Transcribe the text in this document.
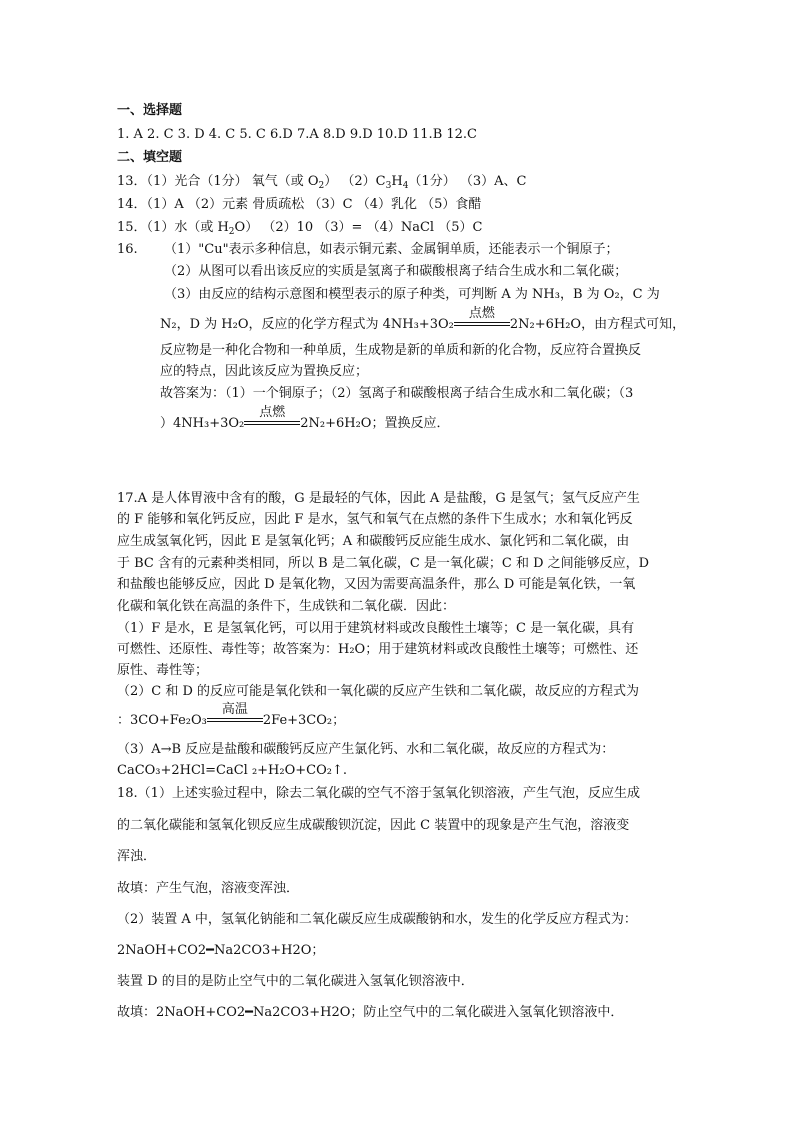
一、选择题
1. A 2. C 3. D 4. C 5. C 6.D 7.A 8.D 9.D 10.D 11.B 12.C
二、填空题
13．（1）光合（1分） 氧气（或 $O_2$） $(2)C_3H_4(1$分） （3）A、C
14．（1）A （2）元素 骨质疏松 （3）C （4）乳化 （5）食醋
15．（1）水（或 $H_2O$） （2）10 （3）= （4）NaCl （5）C
16. （1）"Cu"表示多种信息，如表示铜元素、金属铜单质，还能表示一个铜原子；
（2）从图可以看出该反应的实质是氢离子和碳酸根离子结合生成水和二氧化碳；
（3）由反应的结构示意图和模型表示的原子种类，可判断 A 为 NH₃，B 为 O₂，C 为
N₂，D 为 H₂O，反应的化学方程式为 4NH₃+3O₂
点燃
2N₂+6H₂O，由方程式可知，
反应物是一种化合物和一种单质，生成物是新的单质和新的化合物，反应符合置换反
应的特点，因此该反应为置换反应；
故答案为：（1）一个铜原子；（2）氢离子和碳酸根离子结合生成水和二氧化碳；（3
）4NH₃+3O₂
点燃
2N₂+6H₂O；置换反应．
17.A 是人体胃液中含有的酸，G 是最轻的气体，因此 A 是盐酸，G 是氢气；氢气反应产生
的 F 能够和氧化钙反应，因此 F 是水，氢气和氧气在点燃的条件下生成水；水和氧化钙反
应生成氢氧化钙，因此 E 是氢氧化钙；A 和碳酸钙反应能生成水、氯化钙和二氧化碳，由
于 BC 含有的元素种类相同，所以 B 是二氧化碳，C 是一氧化碳；C 和 D 之间能够反应，D
和盐酸也能够反应，因此 D 是氧化物，又因为需要高温条件，那么 D 可能是氧化铁，一氧
化碳和氧化铁在高温的条件下，生成铁和二氧化碳．因此：
（1）F 是水，E 是氢氧化钙，可以用于建筑材料或改良酸性土壤等；C 是一氧化碳，具有
可燃性、还原性、毒性等；故答案为：H₂O；用于建筑材料或改良酸性土壤等；可燃性、还
原性、毒性等；
（2）C 和 D 的反应可能是氧化铁和一氧化碳的反应产生铁和二氧化碳，故反应的方程式为
：3CO+Fe₂O₃
高温
2Fe+3CO₂；
（3）A→B 反应是盐酸和碳酸钙反应产生氯化钙、水和二氧化碳，故反应的方程式为：
CaCO₃+2HCl=CaCl ₂+H₂O+CO₂↑.
18.（1）上述实验过程中，除去二氧化碳的空气不溶于氢氧化钡溶液，产生气泡，反应生成
的二氧化碳能和氢氧化钡反应生成碳酸钡沉淀，因此 C 装置中的现象是产生气泡，溶液变
浑浊．
故填：产生气泡，溶液变浑浊．
（2）装置 A 中，氢氧化钠能和二氧化碳反应生成碳酸钠和水，发生的化学反应方程式为：
2NaOH+CO2━Na2CO3+H2O；
装置 D 的目的是防止空气中的二氧化碳进入氢氧化钡溶液中．
故填：2NaOH+CO2━Na2CO3+H2O；防止空气中的二氧化碳进入氢氧化钡溶液中．
